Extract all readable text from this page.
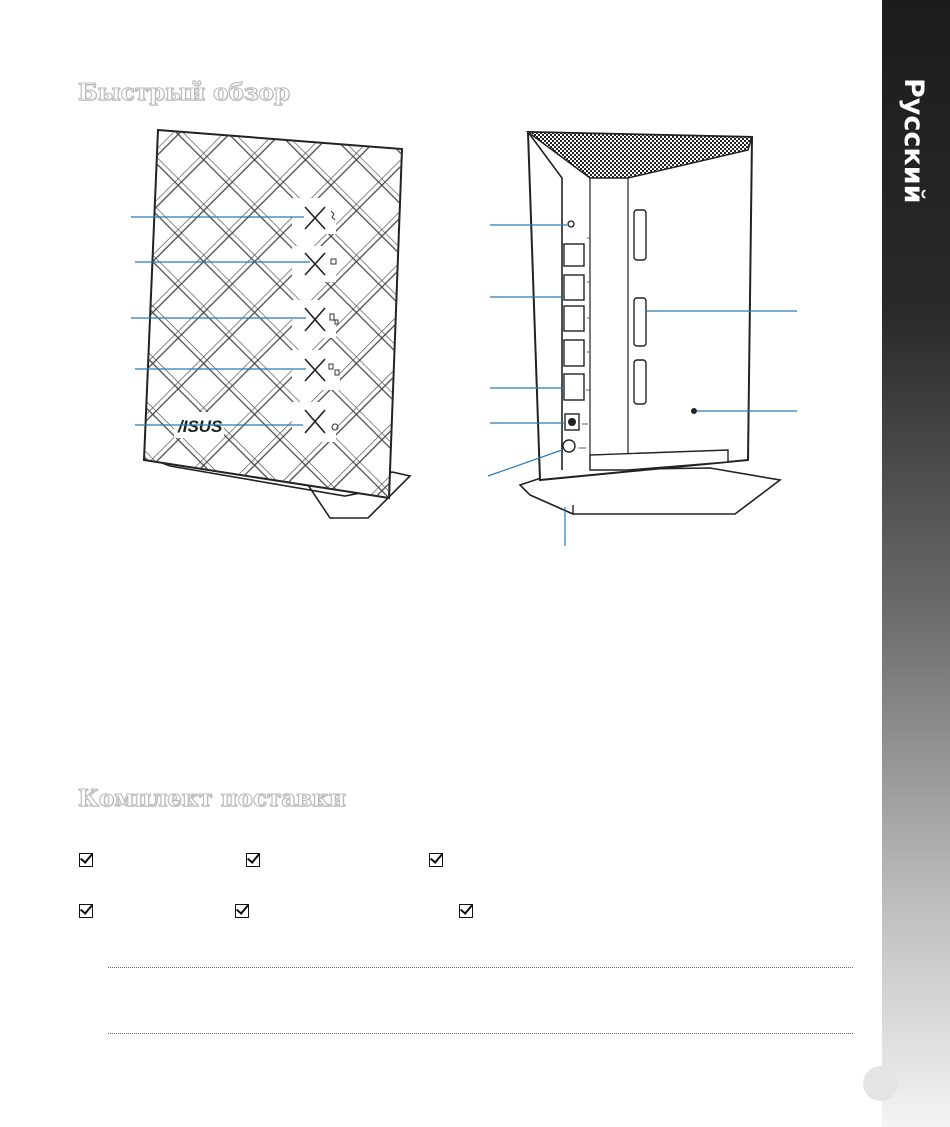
Русский
Быстрый обзор
/ISUS
Комплект поставки
